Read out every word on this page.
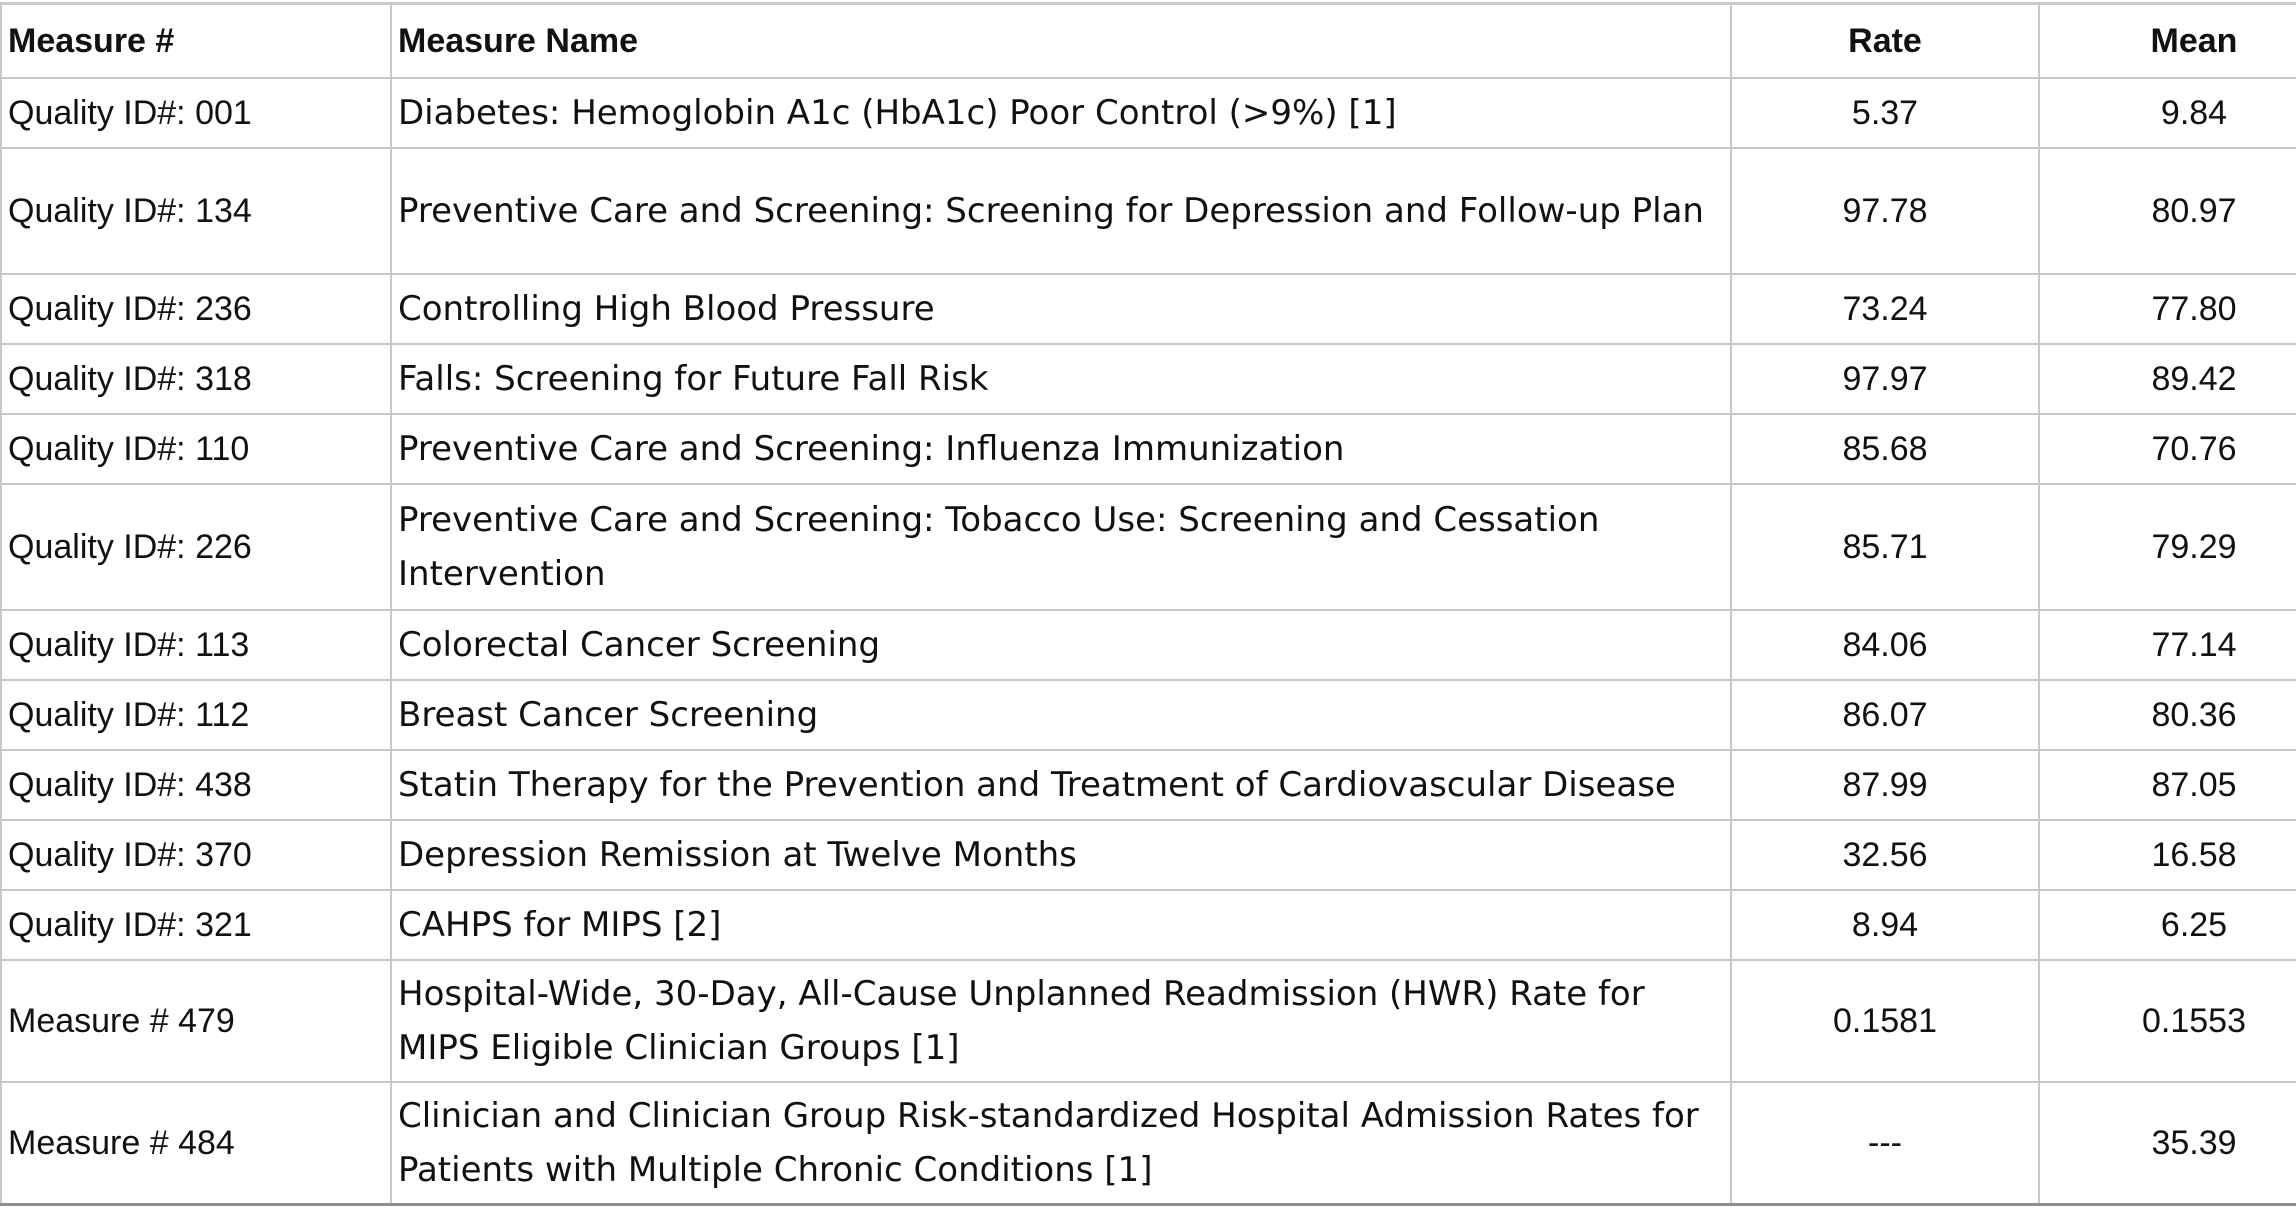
Measure #	Measure Name	Rate	Mean
Quality ID#: 001	Diabetes: Hemoglobin A1c (HbA1c) Poor Control (>9%) [1]	5.37	9.84
Quality ID#: 134	Preventive Care and Screening: Screening for Depression and Follow-up Plan	97.78	80.97
Quality ID#: 236	Controlling High Blood Pressure	73.24	77.80
Quality ID#: 318	Falls: Screening for Future Fall Risk	97.97	89.42
Quality ID#: 110	Preventive Care and Screening: Influenza Immunization	85.68	70.76
Quality ID#: 226	Preventive Care and Screening: Tobacco Use: Screening and Cessation Intervention	85.71	79.29
Quality ID#: 113	Colorectal Cancer Screening	84.06	77.14
Quality ID#: 112	Breast Cancer Screening	86.07	80.36
Quality ID#: 438	Statin Therapy for the Prevention and Treatment of Cardiovascular Disease	87.99	87.05
Quality ID#: 370	Depression Remission at Twelve Months	32.56	16.58
Quality ID#: 321	CAHPS for MIPS [2]	8.94	6.25
Measure # 479	Hospital-Wide, 30-Day, All-Cause Unplanned Readmission (HWR) Rate for MIPS Eligible Clinician Groups [1]	0.1581	0.1553
Measure # 484	Clinician and Clinician Group Risk-standardized Hospital Admission Rates for Patients with Multiple Chronic Conditions [1]	---	35.39
